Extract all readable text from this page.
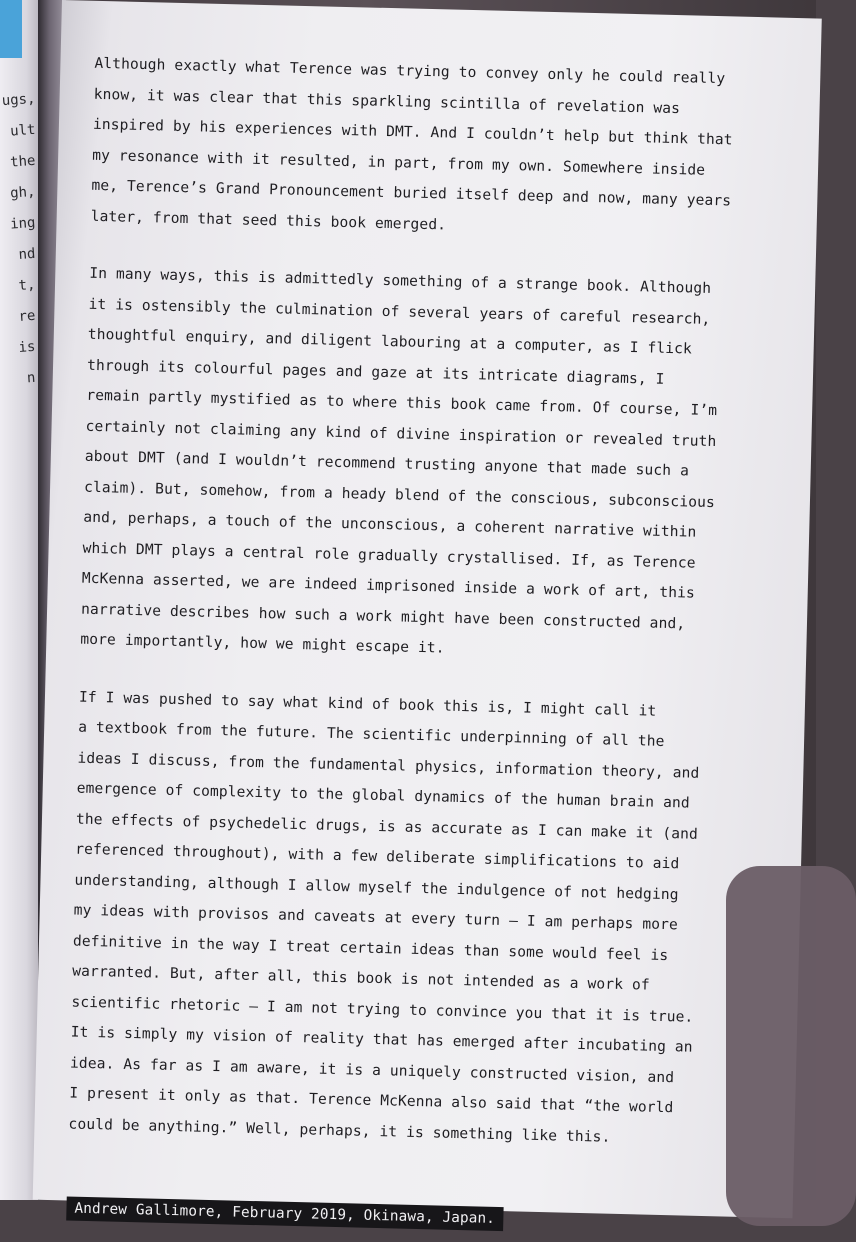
ugs,
ult
the
gh,
ing
nd
t,
re
is
n
Although exactly what Terence was trying to convey only he could really
know, it was clear that this sparkling scintilla of revelation was
inspired by his experiences with DMT. And I couldn’t help but think that
my resonance with it resulted, in part, from my own. Somewhere inside
me, Terence’s Grand Pronouncement buried itself deep and now, many years
later, from that seed this book emerged.
In many ways, this is admittedly something of a strange book. Although
it is ostensibly the culmination of several years of careful research,
thoughtful enquiry, and diligent labouring at a computer, as I flick
through its colourful pages and gaze at its intricate diagrams, I
remain partly mystified as to where this book came from. Of course, I’m
certainly not claiming any kind of divine inspiration or revealed truth
about DMT (and I wouldn’t recommend trusting anyone that made such a
claim). But, somehow, from a heady blend of the conscious, subconscious
and, perhaps, a touch of the unconscious, a coherent narrative within
which DMT plays a central role gradually crystallised. If, as Terence
McKenna asserted, we are indeed imprisoned inside a work of art, this
narrative describes how such a work might have been constructed and,
more importantly, how we might escape it.
If I was pushed to say what kind of book this is, I might call it
a textbook from the future. The scientific underpinning of all the
ideas I discuss, from the fundamental physics, information theory, and
emergence of complexity to the global dynamics of the human brain and
the effects of psychedelic drugs, is as accurate as I can make it (and
referenced throughout), with a few deliberate simplifications to aid
understanding, although I allow myself the indulgence of not hedging
my ideas with provisos and caveats at every turn – I am perhaps more
definitive in the way I treat certain ideas than some would feel is
warranted. But, after all, this book is not intended as a work of
scientific rhetoric – I am not trying to convince you that it is true.
It is simply my vision of reality that has emerged after incubating an
idea. As far as I am aware, it is a uniquely constructed vision, and
I present it only as that. Terence McKenna also said that “the world
could be anything.” Well, perhaps, it is something like this.
Andrew Gallimore, February 2019, Okinawa, Japan.
